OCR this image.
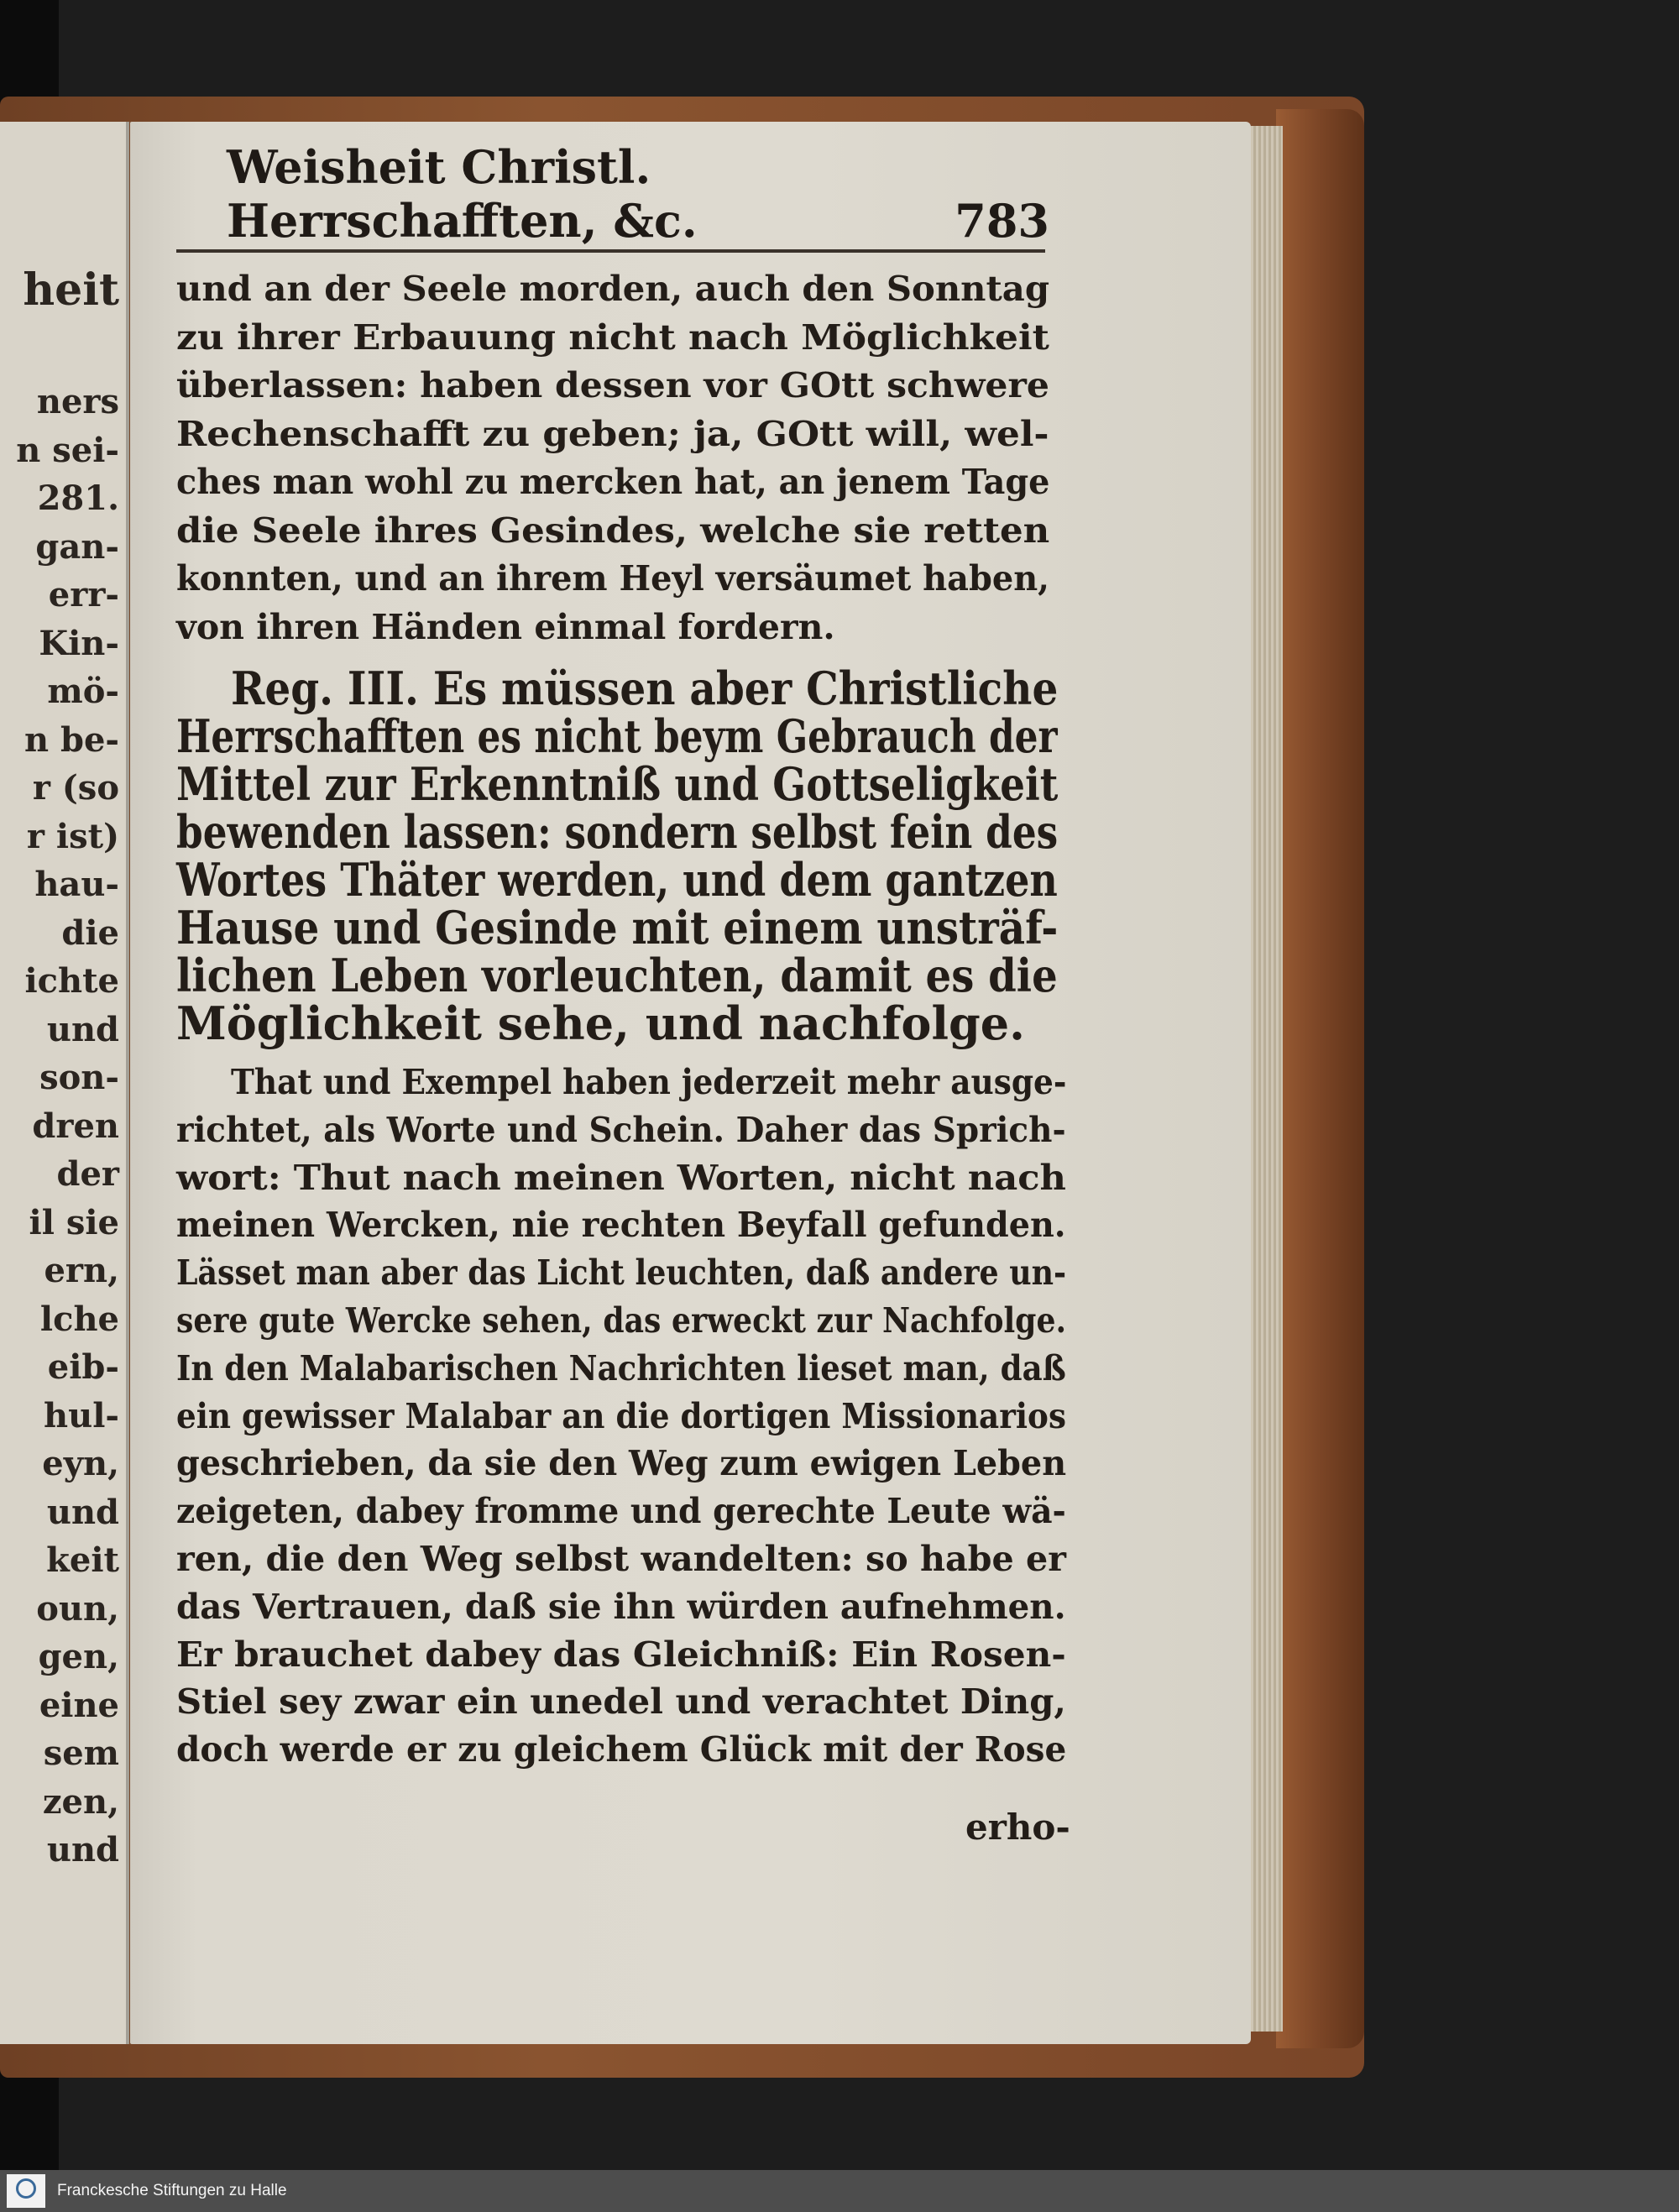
heit
ners
n sei-
281.
gan-
err-
Kin-
mö-
n be-
r (so
r ist)
hau-
die
ichte
und
son-
dren
der
il sie
ern,
lche
eib-
hul-
eyn,
und
keit
oun,
gen,
eine
sem
zen,
und
Weisheit Christl. Herrschafften, &c.	783
und an der Seele morden, auch den Sonntag
zu ihrer Erbauung nicht nach Möglichkeit
überlassen: haben dessen vor GOtt schwere
Rechenschafft zu geben; ja, GOtt will, wel-
ches man wohl zu mercken hat, an jenem Tage
die Seele ihres Gesindes, welche sie retten
konnten, und an ihrem Heyl versäumet haben,
von ihren Händen einmal fordern.
Reg. III. Es müssen aber Christliche
Herrschafften es nicht beym Gebrauch der
Mittel zur Erkenntniß und Gottseligkeit
bewenden lassen: sondern selbst fein des
Wortes Thäter werden, und dem gantzen
Hause und Gesinde mit einem unsträf-
lichen Leben vorleuchten, damit es die
Möglichkeit sehe, und nachfolge.
That und Exempel haben jederzeit mehr ausge-
richtet, als Worte und Schein. Daher das Sprich-
wort: Thut nach meinen Worten, nicht nach
meinen Wercken, nie rechten Beyfall gefunden.
Lässet man aber das Licht leuchten, daß andere un-
sere gute Wercke sehen, das erweckt zur Nachfolge.
In den Malabarischen Nachrichten lieset man, daß
ein gewisser Malabar an die dortigen Missionarios
geschrieben, da sie den Weg zum ewigen Leben
zeigeten, dabey fromme und gerechte Leute wä-
ren, die den Weg selbst wandelten: so habe er
das Vertrauen, daß sie ihn würden aufnehmen.
Er brauchet dabey das Gleichniß: Ein Rosen-
Stiel sey zwar ein unedel und verachtet Ding,
doch werde er zu gleichem Glück mit der Rose
erho-
Franckesche Stiftungen zu Halle
